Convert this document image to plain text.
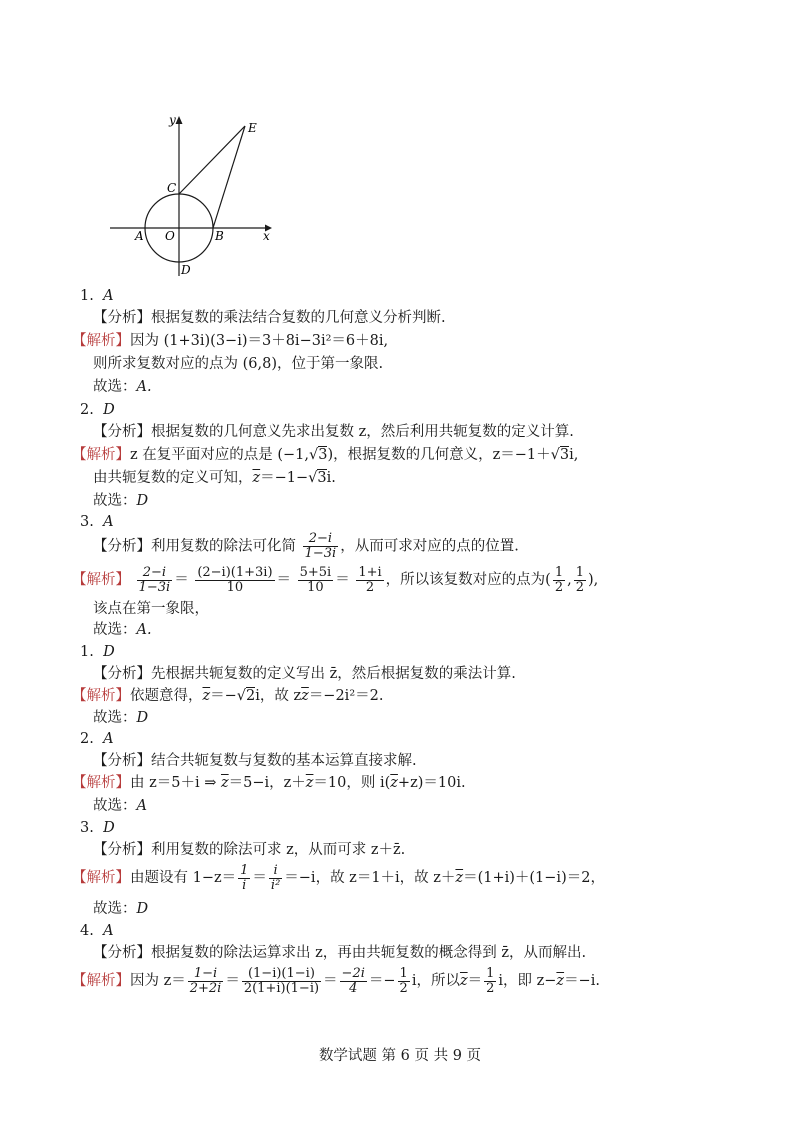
y
E
C
A O	B	x
D
1. A
【分析】根据复数的乘法结合复数的几何意义分析判断.
【解析】因为 (1+3i)(3−i)＝3＋8i−3i²＝6＋8i,
则所求复数对应的点为 (6,8)，位于第一象限.
故选：A.
2. D
【分析】根据复数的几何意义先求出复数 z，然后利用共轭复数的定义计算.
【解析】z 在复平面对应的点是 (−1,√3)，根据复数的几何意义，z＝−1＋√3i,
由共轭复数的定义可知，$\overline{z}=-1-√3i$.
故选：D
3. A
【分析】利用复数的除法可化简 $\frac{2-i}{1-3i}$ ，从而可求对应的点的位置.
【解析】 $\frac{2-i}{1-3i} = \frac{(2-i)(1+3i)}{10} = \frac{5+5i}{10} = \frac{1+i}{2}$ ，所以该复数对应的点为( $\frac{1}{2}$ , $\frac{1}{2}$ ),
该点在第一象限，
故选：A.
1. D
【分析】先根据共轭复数的定义写出 z̄，然后根据复数的乘法计算.
【解析】依题意得，$\overline{z}=-√2i$，故 $z\overline{z}=-2i^2=2$.
故选：D
2. A
【分析】结合共轭复数与复数的基本运算直接求解.
【解析】由 z＝5＋i ⇒ $\overline{z}=5-i$，$z+\overline{z}=10$，则 $i(\overline{z}+z)=10i$.
故选：A
3. D
【分析】利用复数的除法可求 z，从而可求 z＋z̄.
【解析】由题设有 $1-z= \frac{1}{i} = \frac{i}{\text{i²}} =-i$，故 z＝1＋i，故 $z+\overline{z}=(1+i)+(1-i)=2$，
故选：D
4. A
【分析】根据复数的除法运算求出 z，再由共轭复数的概念得到 z̄，从而解出.
【解析】因为 $z= \frac{1-i}{2+2i} = \frac{(1-i)(1-i)}{2(1+i)(1-i)} = \frac{-2i}{4} =- \frac{1}{2}$ i，所以$\overline{z}= \frac{1}{2}$ i，即 $z-\overline{z}=-i$.
数学试题 第 6 页 共 9 页
